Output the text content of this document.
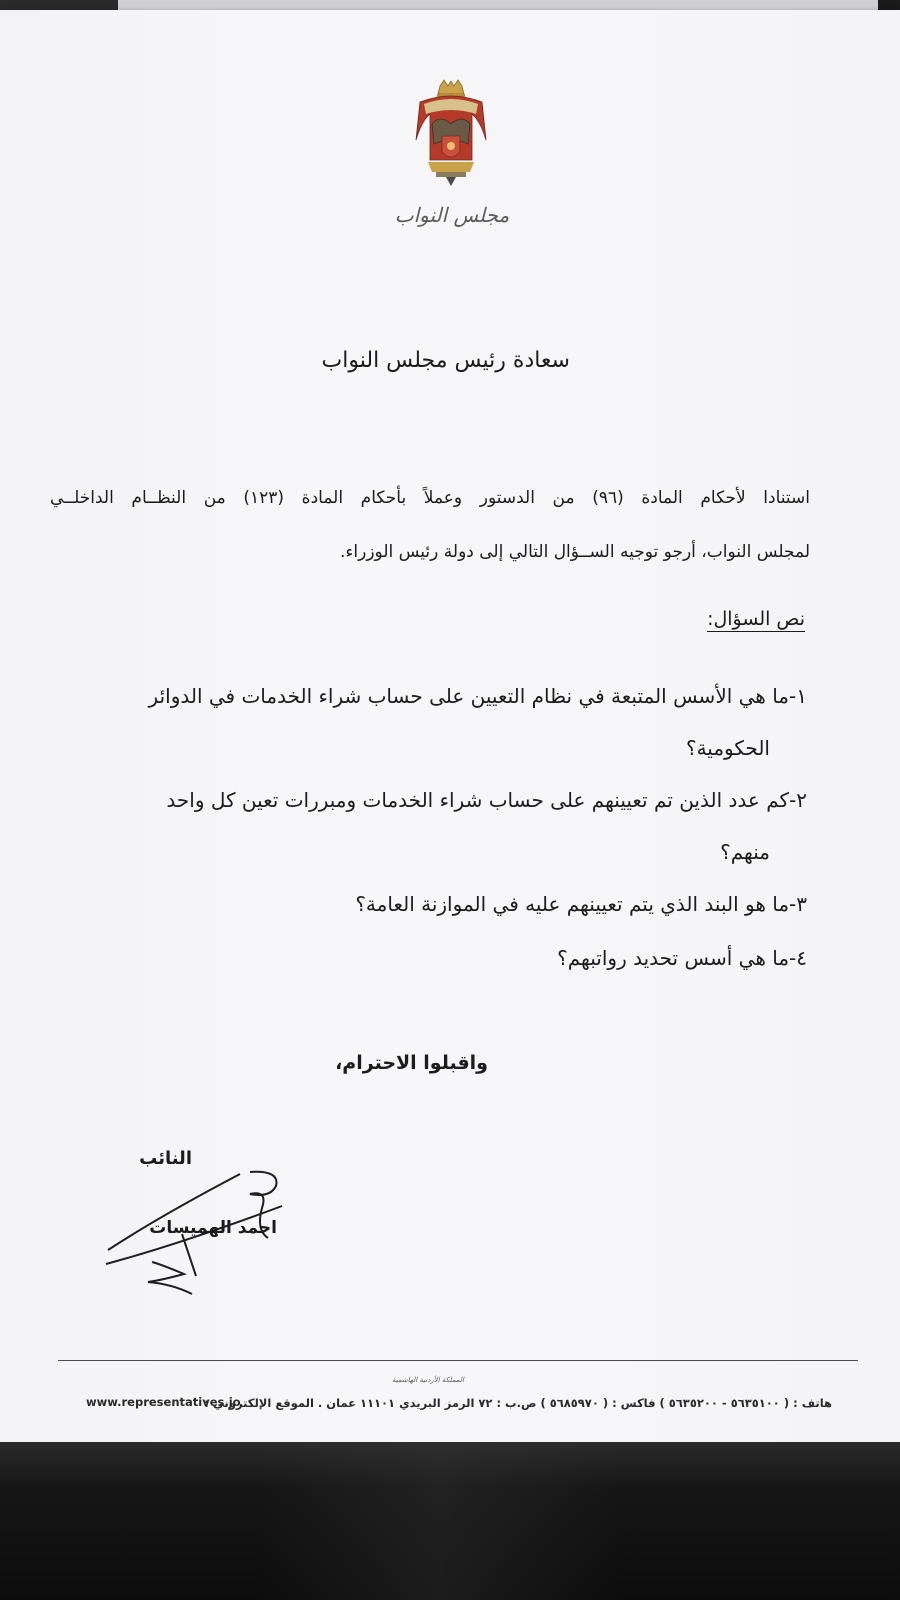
مجلس النواب
سعادة رئيس مجلس النواب
استنادا لأحكام المادة (٩٦) من الدستور وعملاً بأحكام المادة (١٢٣) من النظــام الداخلــي
لمجلس النواب، أرجو توجيه الســؤال التالي إلى دولة رئيس الوزراء.
نص السؤال:
١-ما هي الأسس المتبعة في نظام التعيين على حساب شراء الخدمات في الدوائر
الحكومية؟
٢-كم عدد الذين تم تعيينهم على حساب شراء الخدمات ومبررات تعين كل واحد
منهم؟
٣-ما هو البند الذي يتم تعيينهم عليه في الموازنة العامة؟
٤-ما هي أسس تحديد رواتبهم؟
واقبلوا الاحترام،
النائب
احمد الهميسات
المملكة الأردنية الهاشمية
هاتف : ( ٥٦٣٥١٠٠ - ٥٦٣٥٢٠٠ ) فاكس : ( ٥٦٨٥٩٧٠ ) ص.ب : ٧٢ الرمز البريدي ١١١٠١ عمان . الموقع الإلكتروني :
www.representatives.jo
